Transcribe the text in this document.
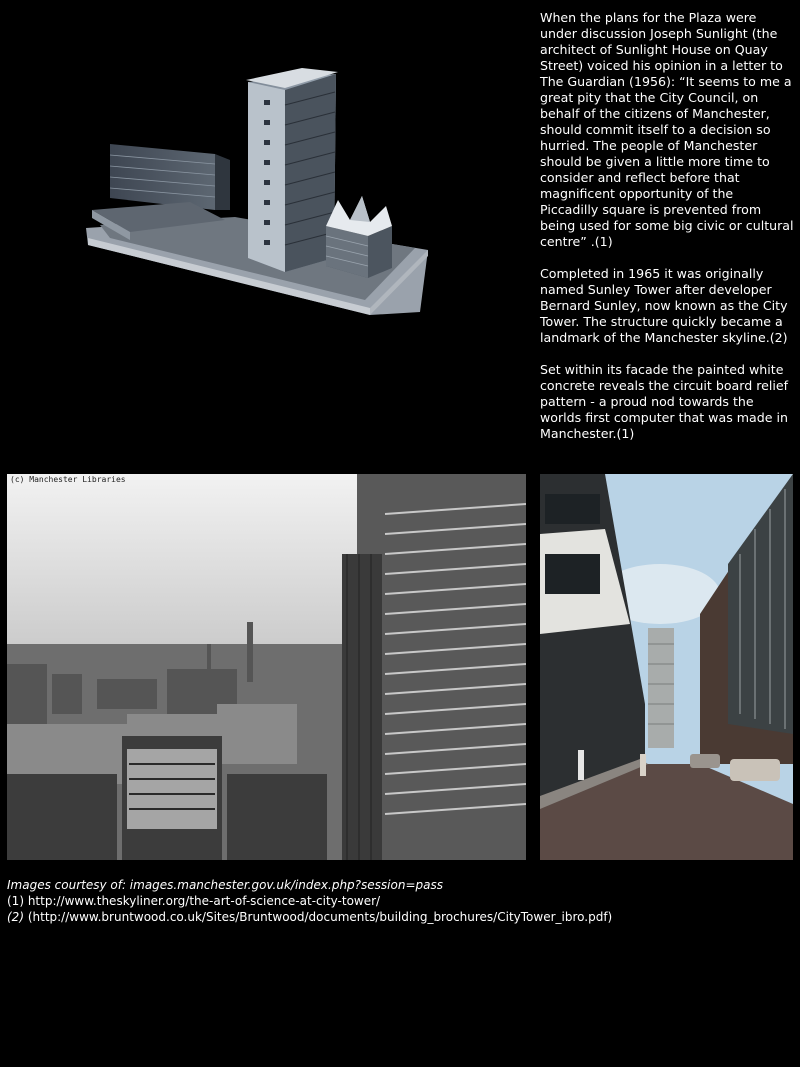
When the plans for the Plaza were under discussion Joseph Sunlight (the architect of Sunlight House on Quay Street) voiced his opinion in a letter to The Guardian (1956): “It seems to me a great pity that the City Council, on behalf of the citizens of Manchester, should commit itself to a decision so hurried. The people of Manchester should be given a little more time to consider and reflect before that magnificent opportunity of the Piccadilly square is prevented from being used for some big civic or cultural centre” .(1)

Completed in 1965 it was originally named Sunley Tower after developer Bernard Sunley, now known as the City Tower. The structure quickly became a landmark of the Manchester skyline.(2)

Set within its facade the painted white concrete reveals the circuit board relief pattern - a proud nod towards the worlds first computer that was made in Manchester.(1)

(c) Manchester Libraries
Images courtesy of: images.manchester.gov.uk/index.php?session=pass
(1) http://www.theskyliner.org/the-art-of-science-at-city-tower/
(2) (http://www.bruntwood.co.uk/Sites/Bruntwood/documents/building_brochures/CityTower_ibro.pdf)
